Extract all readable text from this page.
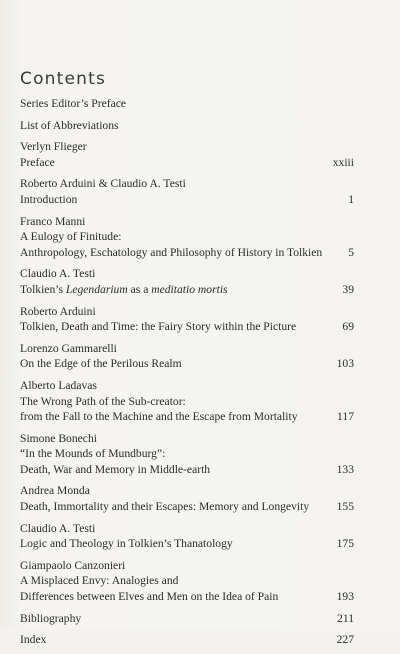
Contents
Series Editor’s Preface
List of Abbreviations
Verlyn Flieger
Preface	xxiii
Roberto Arduini & Claudio A. Testi
Introduction	1
Franco Manni
A Eulogy of Finitude:
Anthropology, Eschatology and Philosophy of History in Tolkien	5
Claudio A. Testi
Tolkien’s Legendarium as a meditatio mortis	39
Roberto Arduini
Tolkien, Death and Time: the Fairy Story within the Picture	69
Lorenzo Gammarelli
On the Edge of the Perilous Realm	103
Alberto Ladavas
The Wrong Path of the Sub-creator:
from the Fall to the Machine and the Escape from Mortality	117
Simone Bonechi
“In the Mounds of Mundburg”:
Death, War and Memory in Middle-earth	133
Andrea Monda
Death, Immortality and their Escapes: Memory and Longevity	155
Claudio A. Testi
Logic and Theology in Tolkien’s Thanatology	175
Giampaolo Canzonieri
A Misplaced Envy: Analogies and
Differences between Elves and Men on the Idea of Pain	193
Bibliography	211
Index	227
